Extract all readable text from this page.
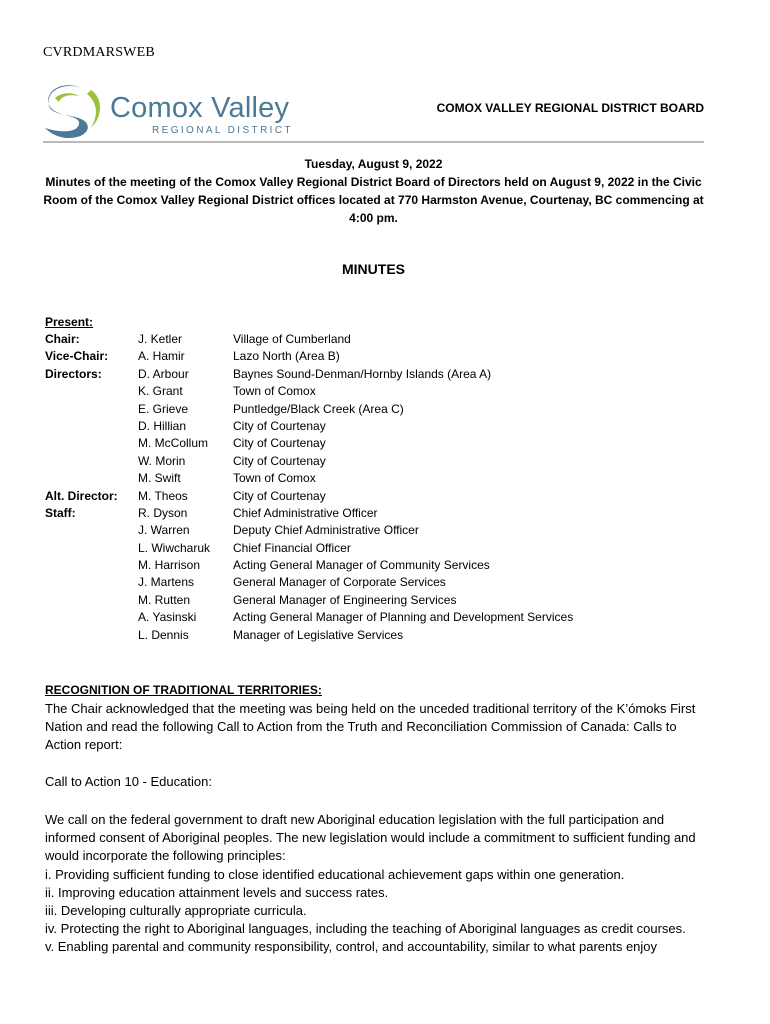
CVRDMARSWEB
Comox Valley
REGIONAL DISTRICT
COMOX VALLEY REGIONAL DISTRICT BOARD
Tuesday, August 9, 2022
Minutes of the meeting of the Comox Valley Regional District Board of Directors held on August 9, 2022 in the Civic Room of the Comox Valley Regional District offices located at 770 Harmston Avenue, Courtenay, BC commencing at 4:00 pm.
MINUTES
Present:
Chair:	J. Ketler	Village of Cumberland
Vice-Chair:	A. Hamir	Lazo North (Area B)
Directors:	D. Arbour	Baynes Sound-Denman/Hornby Islands (Area A)
	K. Grant	Town of Comox
	E. Grieve	Puntledge/Black Creek (Area C)
	D. Hillian	City of Courtenay
	M. McCollum	City of Courtenay
	W. Morin	City of Courtenay
	M. Swift	Town of Comox
Alt. Director:	M. Theos	City of Courtenay
Staff:	R. Dyson	Chief Administrative Officer
	J. Warren	Deputy Chief Administrative Officer
	L. Wiwcharuk	Chief Financial Officer
	M. Harrison	Acting General Manager of Community Services
	J. Martens	General Manager of Corporate Services
	M. Rutten	General Manager of Engineering Services
	A. Yasinski	Acting General Manager of Planning and Development Services
	L. Dennis	Manager of Legislative Services
RECOGNITION OF TRADITIONAL TERRITORIES:
The Chair acknowledged that the meeting was being held on the unceded traditional territory of the K’ómoks First Nation and read the following Call to Action from the Truth and Reconciliation Commission of Canada: Calls to Action report:
Call to Action 10 - Education:

We call on the federal government to draft new Aboriginal education legislation with the full participation and informed consent of Aboriginal peoples. The new legislation would include a commitment to sufficient funding and would incorporate the following principles:

i. Providing sufficient funding to close identified educational achievement gaps within one generation.

ii. Improving education attainment levels and success rates.

iii. Developing culturally appropriate curricula.

iv. Protecting the right to Aboriginal languages, including the teaching of Aboriginal languages as credit courses.

v. Enabling parental and community responsibility, control, and accountability, similar to what parents enjoy
